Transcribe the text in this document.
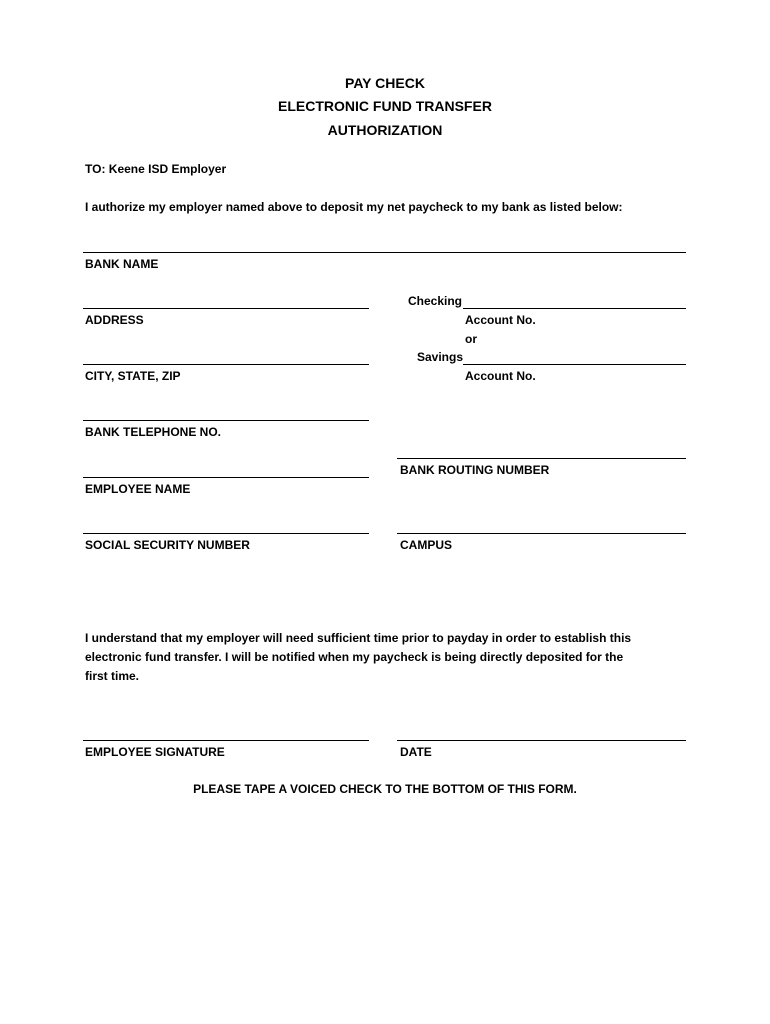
PAY CHECK
ELECTRONIC FUND TRANSFER
AUTHORIZATION
TO: Keene ISD Employer
I authorize my employer named above to deposit my net paycheck to my bank as listed below:
BANK NAME
ADDRESS
CITY, STATE, ZIP
BANK TELEPHONE NO.
EMPLOYEE NAME
SOCIAL SECURITY NUMBER
Checking
Account No.
or
Savings
Account No.
BANK ROUTING NUMBER
CAMPUS
I understand that my employer will need sufficient time prior to payday in order to establish this
electronic fund transfer. I will be notified when my paycheck is being directly deposited for the
first time.
EMPLOYEE SIGNATURE	DATE
PLEASE TAPE A VOICED CHECK TO THE BOTTOM OF THIS FORM.
